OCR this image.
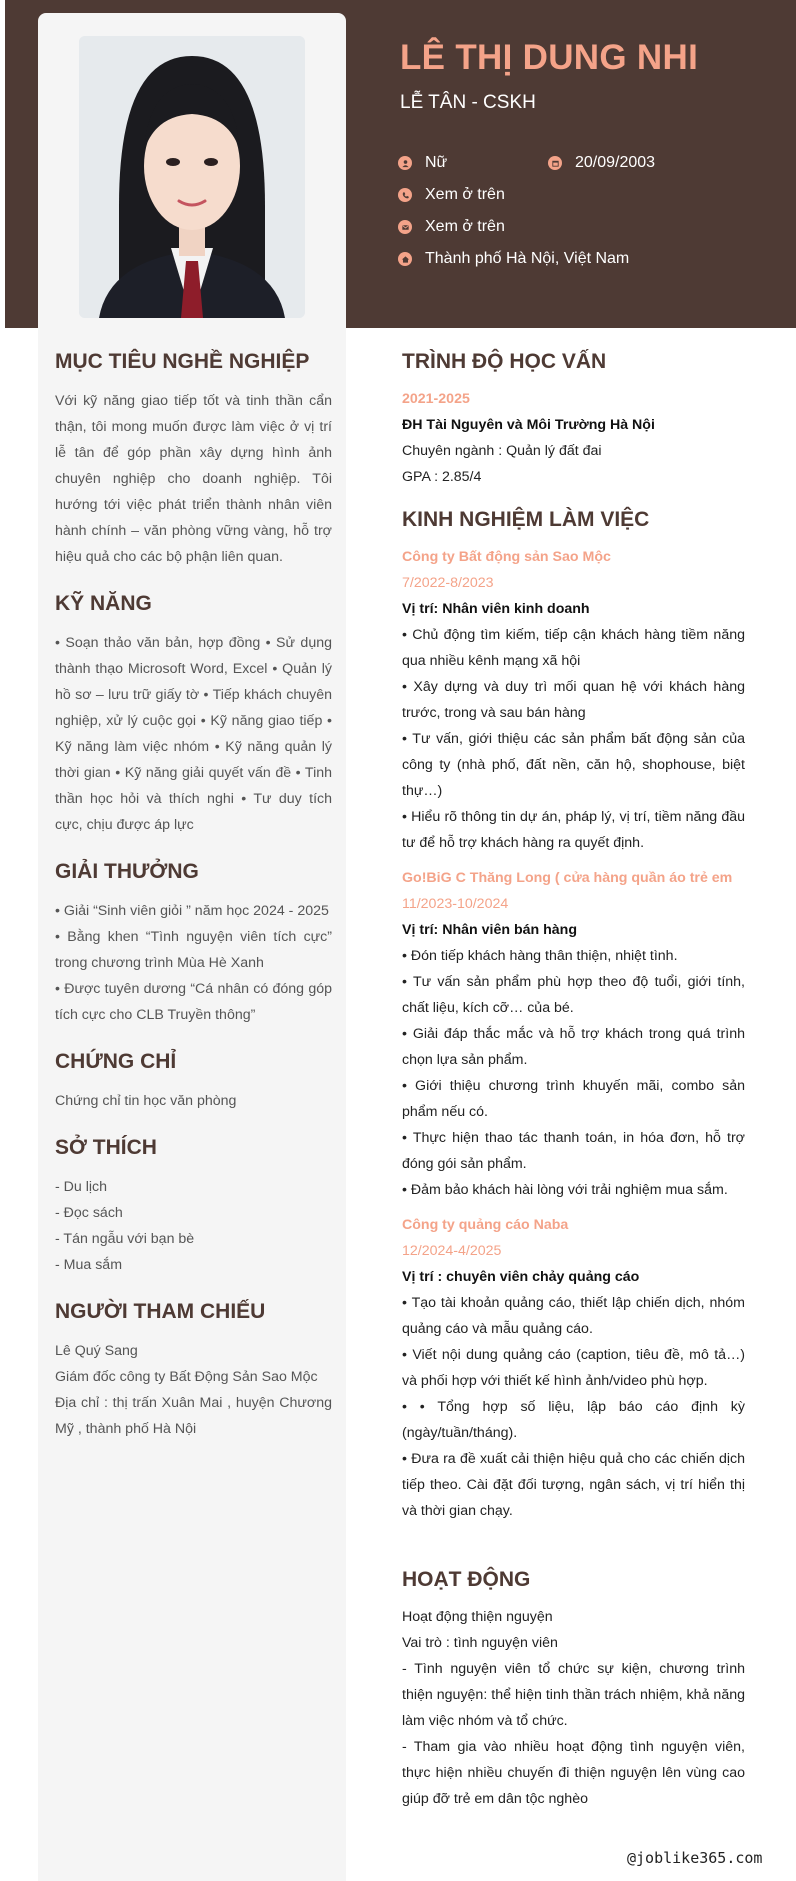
LÊ THỊ DUNG NHI
LỄ TÂN - CSKH
Nữ	20/09/2003
Xem ở trên
Xem ở trên
Thành phố Hà Nội, Việt Nam
MỤC TIÊU NGHỀ NGHIỆP
Với kỹ năng giao tiếp tốt và tinh thần cẩn thận, tôi mong muốn được làm việc ở vị trí lễ tân để góp phần xây dựng hình ảnh chuyên nghiệp cho doanh nghiệp. Tôi hướng tới việc phát triển thành nhân viên hành chính – văn phòng vững vàng, hỗ trợ hiệu quả cho các bộ phận liên quan.
KỸ NĂNG
• Soạn thảo văn bản, hợp đồng • Sử dụng thành thạo Microsoft Word, Excel • Quản lý hồ sơ – lưu trữ giấy tờ • Tiếp khách chuyên nghiệp, xử lý cuộc gọi • Kỹ năng giao tiếp • Kỹ năng làm việc nhóm • Kỹ năng quản lý thời gian • Kỹ năng giải quyết vấn đề • Tinh thần học hỏi và thích nghi • Tư duy tích cực, chịu được áp lực
GIẢI THƯỞNG
• Giải “Sinh viên giỏi ” năm học 2024 - 2025
• Bằng khen “Tình nguyện viên tích cực” trong chương trình Mùa Hè Xanh
• Được tuyên dương “Cá nhân có đóng góp tích cực cho CLB Truyền thông”
CHỨNG CHỈ
Chứng chỉ tin học văn phòng
SỞ THÍCH
- Du lịch
- Đọc sách
- Tán ngẫu với bạn bè
- Mua sắm
NGƯỜI THAM CHIẾU
Lê Quý Sang
Giám đốc công ty Bất Động Sản Sao Mộc
Địa chỉ : thị trấn Xuân Mai , huyện Chương Mỹ , thành phố Hà Nội
TRÌNH ĐỘ HỌC VẤN
2021-2025
ĐH Tài Nguyên và Môi Trường Hà Nội
Chuyên ngành : Quản lý đất đai
GPA : 2.85/4
KINH NGHIỆM LÀM VIỆC
Công ty Bất động sản Sao Mộc
7/2022-8/2023
Vị trí: Nhân viên kinh doanh
• Chủ động tìm kiếm, tiếp cận khách hàng tiềm năng qua nhiều kênh mạng xã hội
• Xây dựng và duy trì mối quan hệ với khách hàng trước, trong và sau bán hàng
• Tư vấn, giới thiệu các sản phẩm bất động sản của công ty (nhà phố, đất nền, căn hộ, shophouse, biệt thự…)
• Hiểu rõ thông tin dự án, pháp lý, vị trí, tiềm năng đầu tư để hỗ trợ khách hàng ra quyết định.
Go!BiG C Thăng Long ( cửa hàng quần áo trẻ em
11/2023-10/2024
Vị trí: Nhân viên bán hàng
• Đón tiếp khách hàng thân thiện, nhiệt tình.
• Tư vấn sản phẩm phù hợp theo độ tuổi, giới tính, chất liệu, kích cỡ… của bé.
• Giải đáp thắc mắc và hỗ trợ khách trong quá trình chọn lựa sản phẩm.
• Giới thiệu chương trình khuyến mãi, combo sản phẩm nếu có.
• Thực hiện thao tác thanh toán, in hóa đơn, hỗ trợ đóng gói sản phẩm.
• Đảm bảo khách hài lòng với trải nghiệm mua sắm.
Công ty quảng cáo Naba
12/2024-4/2025
Vị trí : chuyên viên chảy quảng cáo
• Tạo tài khoản quảng cáo, thiết lập chiến dịch, nhóm quảng cáo và mẫu quảng cáo.
• Viết nội dung quảng cáo (caption, tiêu đề, mô tả…) và phối hợp với thiết kế hình ảnh/video phù hợp.
• • Tổng hợp số liệu, lập báo cáo định kỳ (ngày/tuần/tháng).
• Đưa ra đề xuất cải thiện hiệu quả cho các chiến dịch tiếp theo. Cài đặt đối tượng, ngân sách, vị trí hiển thị và thời gian chạy.
HOẠT ĐỘNG
Hoạt động thiện nguyện
Vai trò : tình nguyện viên
- Tình nguyện viên tổ chức sự kiện, chương trình thiện nguyện: thể hiện tinh thần trách nhiệm, khả năng làm việc nhóm và tổ chức.
- Tham gia vào nhiều hoạt động tình nguyện viên, thực hiện nhiều chuyến đi thiện nguyện lên vùng cao giúp đỡ trẻ em dân tộc nghèo
@joblike365.com
